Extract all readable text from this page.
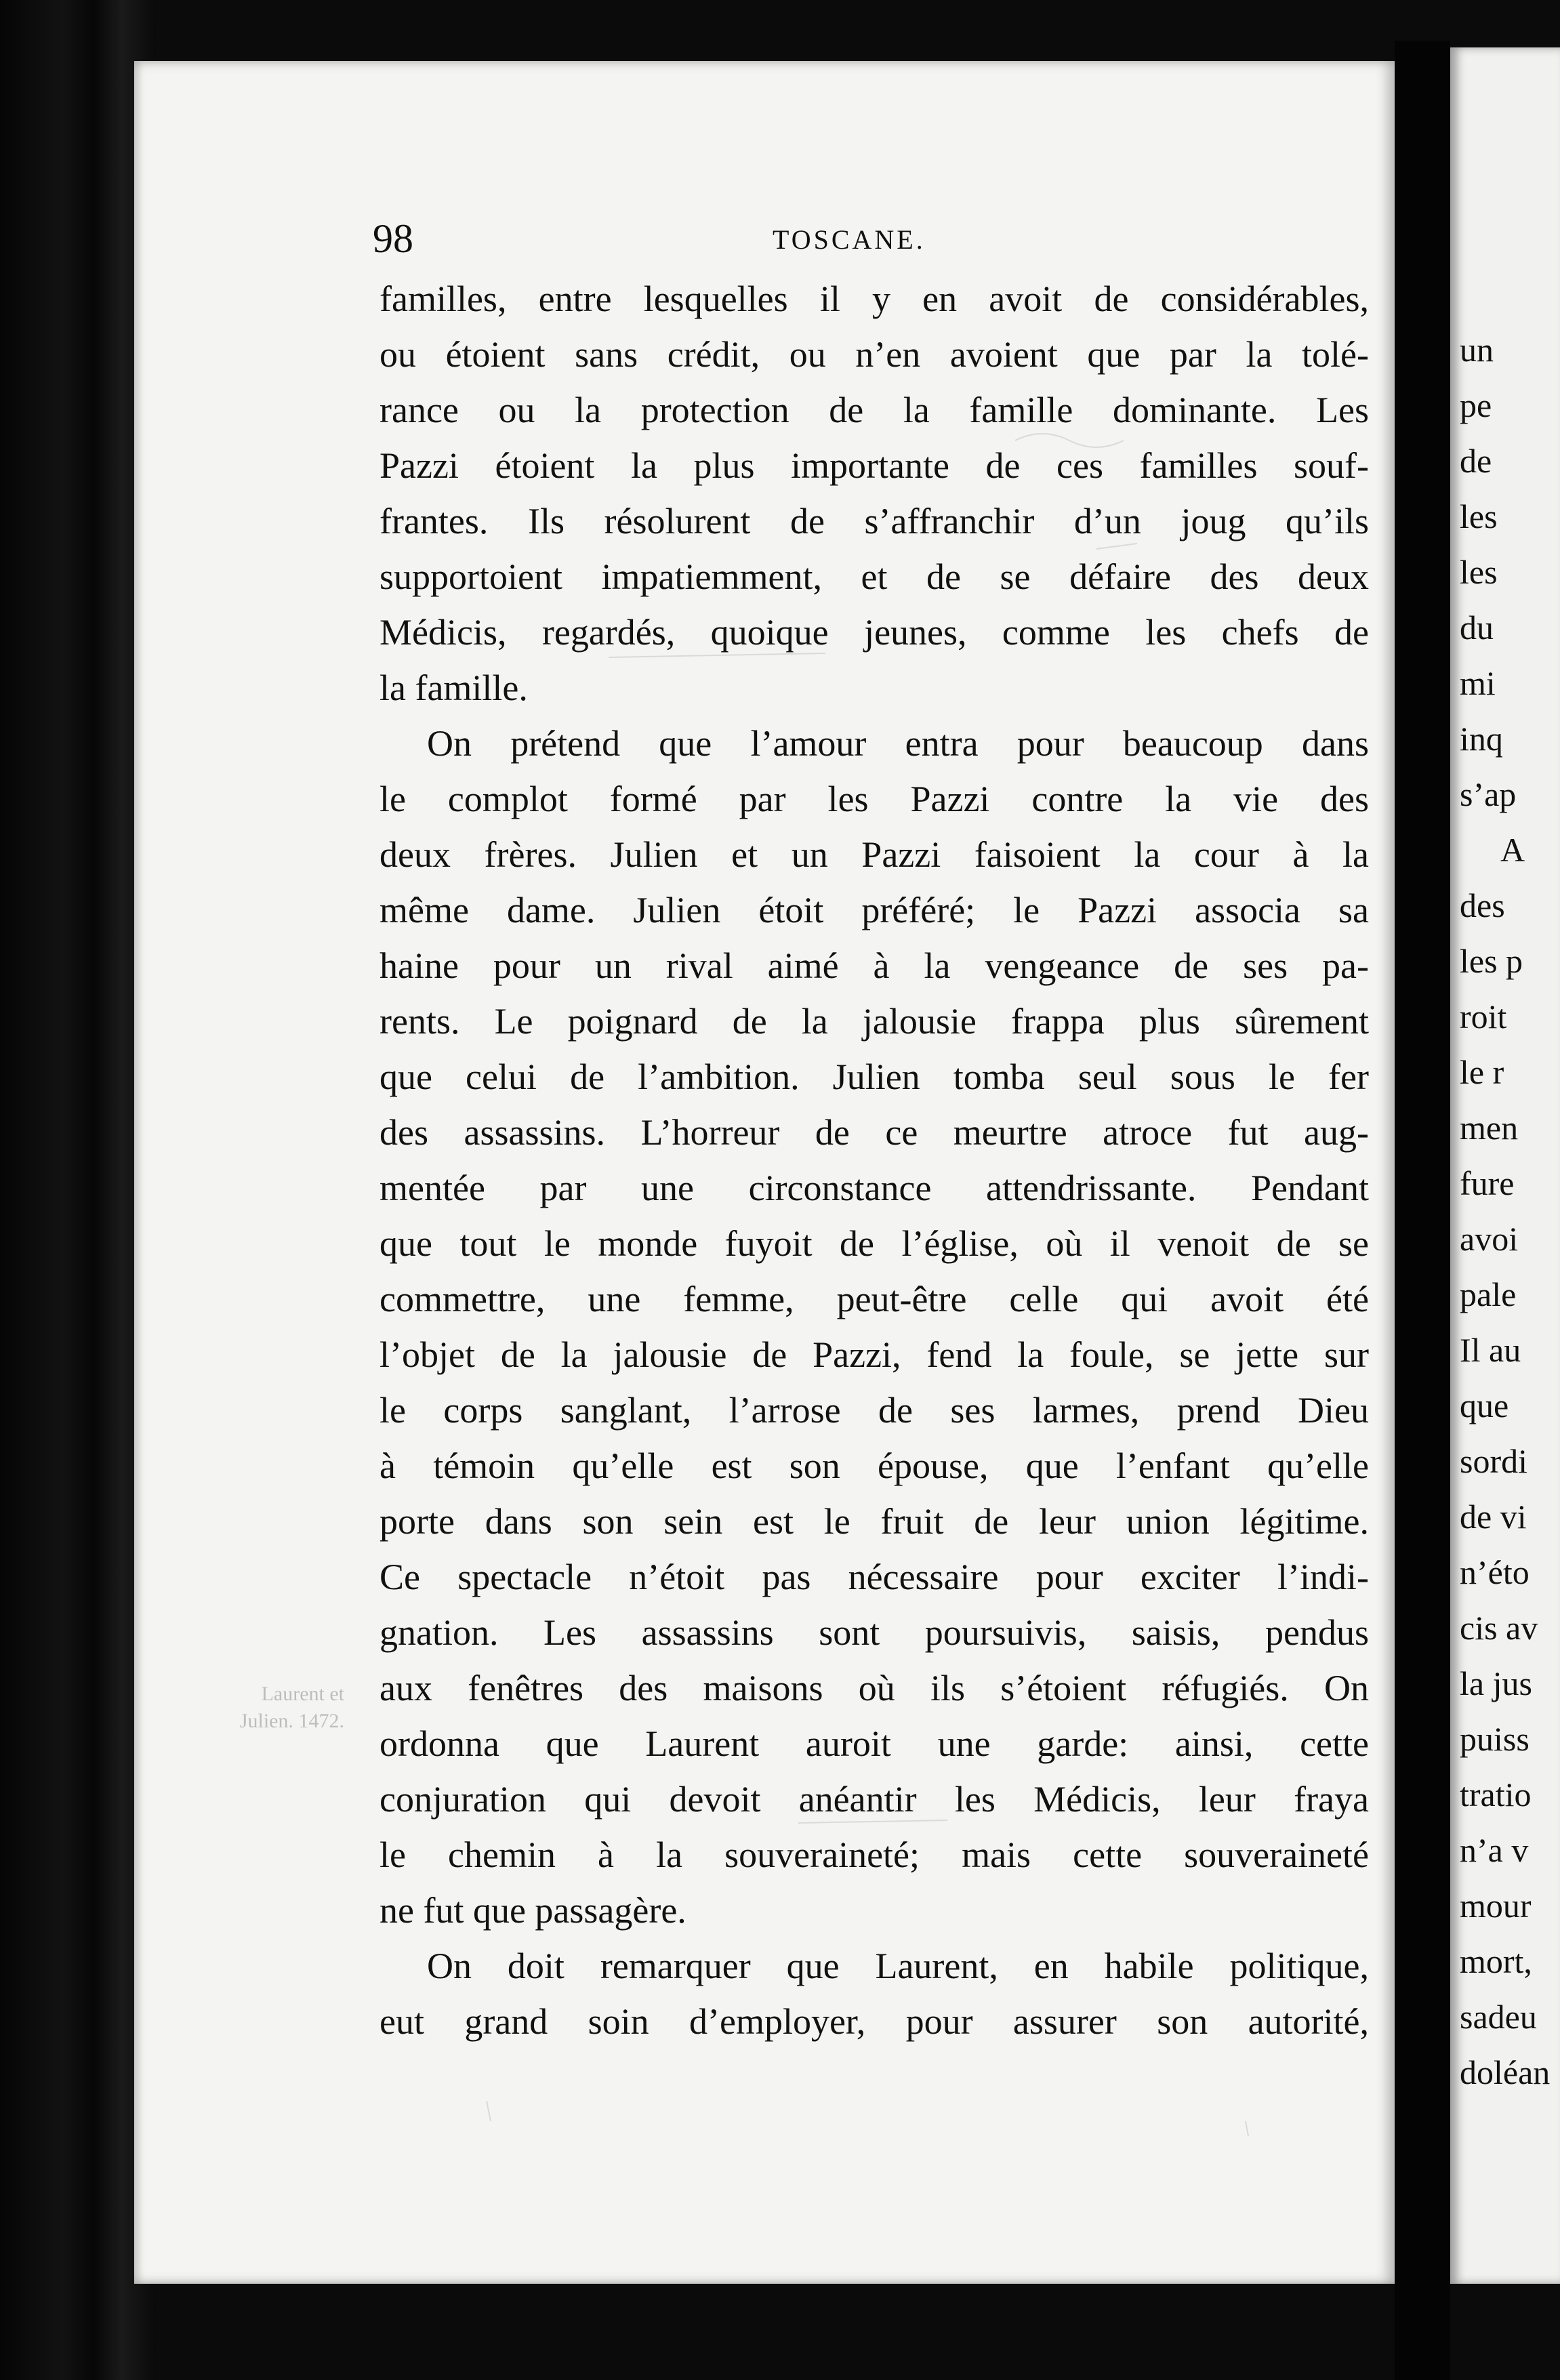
98	TOSCANE.
Laurent et
Julien. 1472.
familles, entre lesquelles il y en avoit de considérables,
ou étoient sans crédit, ou n’en avoient que par la tolé-
rance ou la protection de la famille dominante. Les
Pazzi étoient la plus importante de ces familles souf-
frantes. Ils résolurent de s’affranchir d’un joug qu’ils
supportoient impatiemment, et de se défaire des deux
Médicis, regardés, quoique jeunes, comme les chefs de
la famille.
On prétend que l’amour entra pour beaucoup dans
le complot formé par les Pazzi contre la vie des
deux frères. Julien et un Pazzi faisoient la cour à la
même dame. Julien étoit préféré; le Pazzi associa sa
haine pour un rival aimé à la vengeance de ses pa-
rents. Le poignard de la jalousie frappa plus sûrement
que celui de l’ambition. Julien tomba seul sous le fer
des assassins. L’horreur de ce meurtre atroce fut aug-
mentée par une circonstance attendrissante. Pendant
que tout le monde fuyoit de l’église, où il venoit de se
commettre, une femme, peut-être celle qui avoit été
l’objet de la jalousie de Pazzi, fend la foule, se jette sur
le corps sanglant, l’arrose de ses larmes, prend Dieu
à témoin qu’elle est son épouse, que l’enfant qu’elle
porte dans son sein est le fruit de leur union légitime.
Ce spectacle n’étoit pas nécessaire pour exciter l’indi-
gnation. Les assassins sont poursuivis, saisis, pendus
aux fenêtres des maisons où ils s’étoient réfugiés. On
ordonna que Laurent auroit une garde: ainsi, cette
conjuration qui devoit anéantir les Médicis, leur fraya
le chemin à la souveraineté; mais cette souveraineté
ne fut que passagère.
On doit remarquer que Laurent, en habile politique,
eut grand soin d’employer, pour assurer son autorité,
un
pe
de
les
les
du
mi
inq
s’ap
A
des
les p
roit
le r
men
fure
avoi
pale
Il au
que
sordi
de vi
n’éto
cis av
la jus
puiss
tratio
n’a v
mour
mort,
sadeu
doléan
